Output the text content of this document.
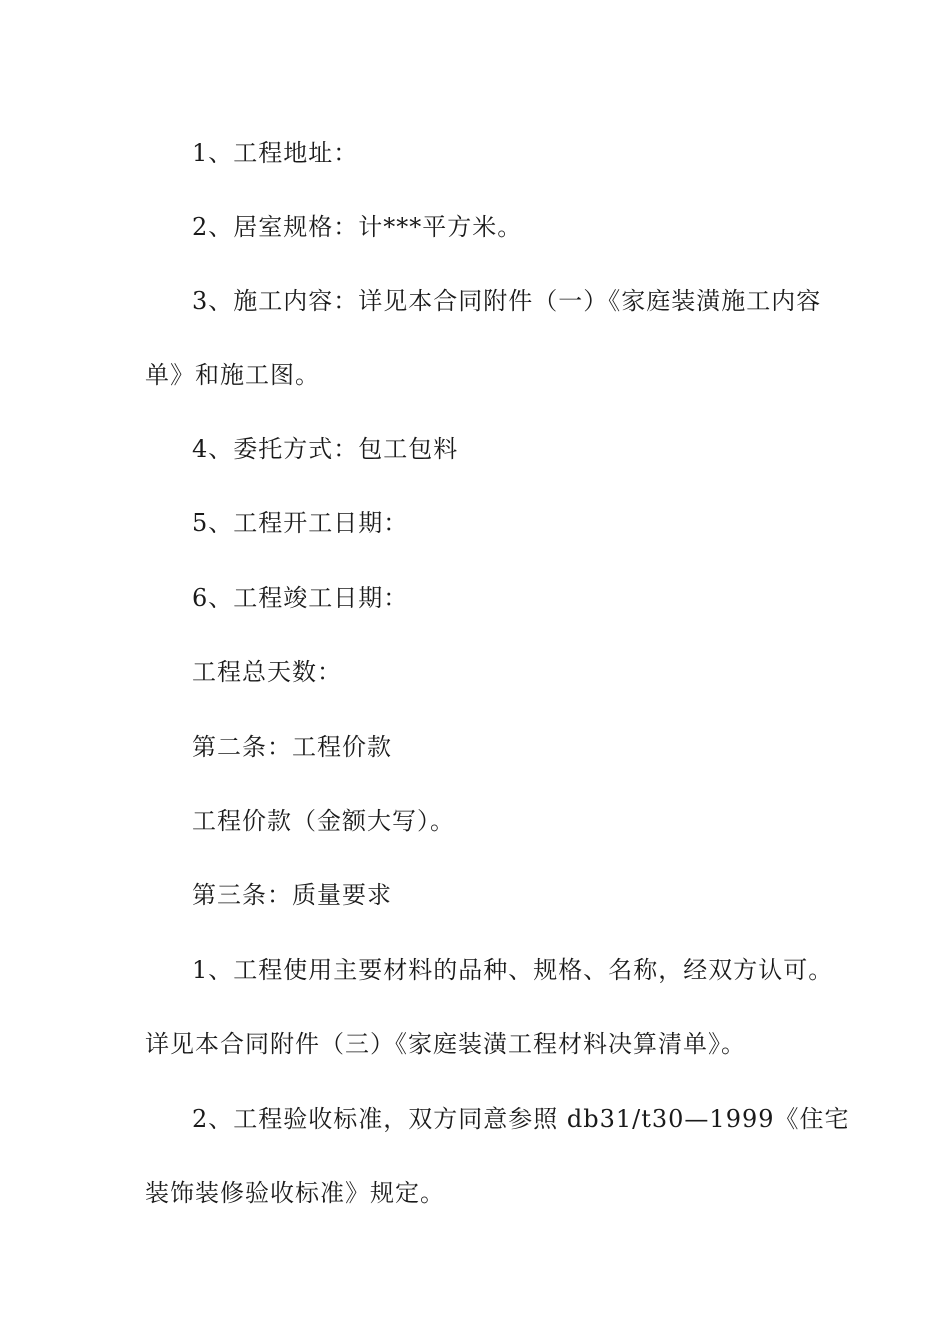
1、工程地址：
2、居室规格：计***平方米。
3、施工内容：详见本合同附件（一）《家庭装潢施工内容
单》和施工图。
4、委托方式：包工包料
5、工程开工日期：
6、工程竣工日期：
工程总天数：
第二条：工程价款
工程价款（金额大写）。
第三条：质量要求
1、工程使用主要材料的品种、规格、名称，经双方认可。
详见本合同附件（三）《家庭装潢工程材料决算清单》。
2、工程验收标准，双方同意参照 db31/t30—1999《住宅
装饰装修验收标准》规定。
